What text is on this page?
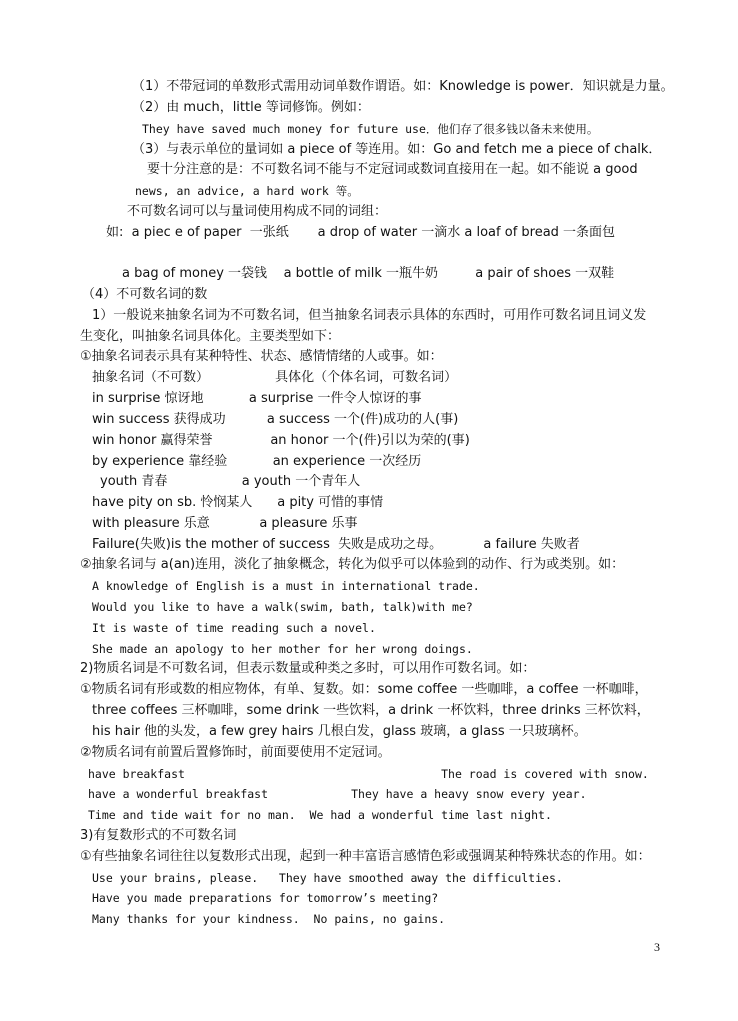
（1）不带冠词的单数形式需用动词单数作谓语。如：Knowledge is power．知识就是力量。
（2）由 much，little 等词修饰。例如：
They have saved much money for future use．他们存了很多钱以备未来使用。
（3）与表示单位的量词如 a piece of 等连用。如：Go and fetch me a piece of chalk．
要十分注意的是：不可数名词不能与不定冠词或数词直接用在一起。如不能说 a good
news, an advice, a hard work 等。
不可数名词可以与量词使用构成不同的词组：
如:  a piec e of paper  一张纸       a drop of water 一滴水 a loaf of bread 一条面包
a bag of money 一袋钱    a bottle of milk 一瓶牛奶         a pair of shoes 一双鞋
（4）不可数名词的数
1）一般说来抽象名词为不可数名词，但当抽象名词表示具体的东西时，可用作可数名词且词义发
生变化，叫抽象名词具体化。主要类型如下：
①抽象名词表示具有某种特性、状态、感情情绪的人或事。如：
抽象名词（不可数）                具体化（个体名词，可数名词）
in surprise 惊讶地           a surprise 一件令人惊讶的事
win success 获得成功          a success 一个(件)成功的人(事)
win honor 赢得荣誉              an honor 一个(件)引以为荣的(事)
by experience 靠经验           an experience 一次经历
youth 青春                  a youth 一个青年人
have pity on sb. 怜悯某人      a pity 可惜的事情
with pleasure 乐意            a pleasure 乐事
Failure(失败)is the mother of success  失败是成功之母。          a failure 失败者
②抽象名词与 a(an)连用，淡化了抽象概念，转化为似乎可以体验到的动作、行为或类别。如：
A knowledge of English is a must in international trade.
Would you like to have a walk(swim, bath, talk)with me?
It is waste of time reading such a novel.
She made an apology to her mother for her wrong doings.
2)物质名词是不可数名词，但表示数量或种类之多时，可以用作可数名词。如：
①物质名词有形或数的相应物体，有单、复数。如：some coffee 一些咖啡，a coffee 一杯咖啡，
three coffees 三杯咖啡，some drink 一些饮料，a drink 一杯饮料，three drinks 三杯饮料，
his hair 他的头发，a few grey hairs 几根白发，glass 玻璃，a glass 一只玻璃杯。
②物质名词有前置后置修饰时，前面要使用不定冠词。
have breakfast                                     The road is covered with snow.
have a wonderful breakfast            They have a heavy snow every year.
Time and tide wait for no man.  We had a wonderful time last night.
3)有复数形式的不可数名词
①有些抽象名词往往以复数形式出现，起到一种丰富语言感情色彩或强调某种特殊状态的作用。如：
Use your brains, please.   They have smoothed away the difficulties.
Have you made preparations for tomorrow’s meeting?
Many thanks for your kindness.  No pains, no gains.
3
